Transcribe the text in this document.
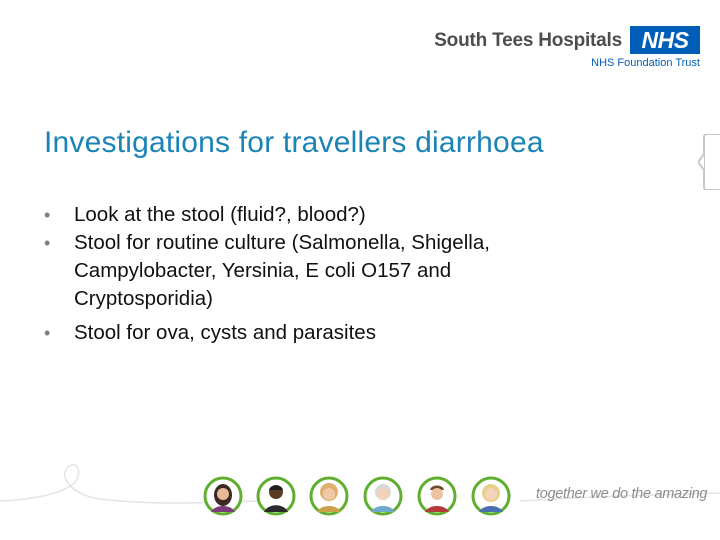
South Tees Hospitals NHS
NHS Foundation Trust
Investigations for travellers diarrhoea
• Look at the stool (fluid?, blood?)
• Stool for routine culture (Salmonella, Shigella,
Campylobacter, Yersinia, E coli O157 and
Cryptosporidia)
• Stool for ova, cysts and parasites
together we do the amazing
